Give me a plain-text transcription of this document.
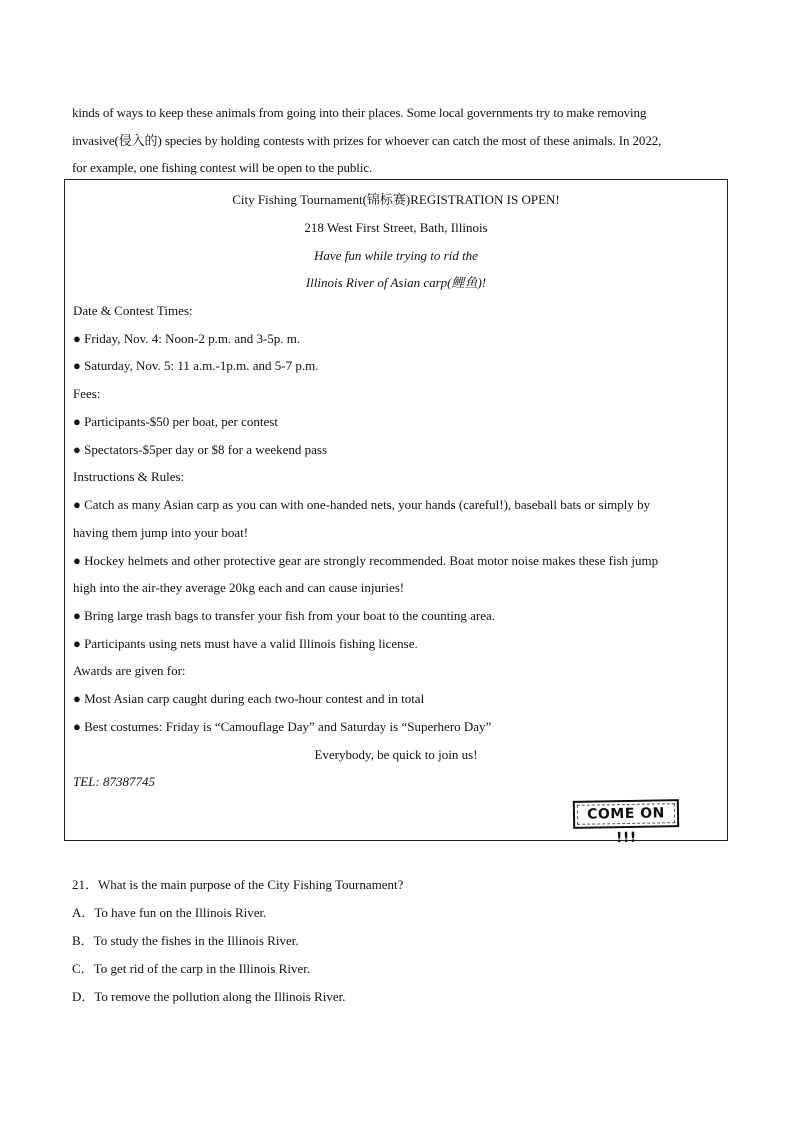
kinds of ways to keep these animals from going into their places. Some local governments try to make removing

invasive(侵入的) species by holding contests with prizes for whoever can catch the most of these animals. In 2022,

for example, one fishing contest will be open to the public.

City Fishing Tournament(锦标赛)REGISTRATION IS OPEN!
218 West First Street, Bath, Illinois
Have fun while trying to rid the
Illinois River of Asian carp(鲤鱼)!
Date & Contest Times:
● Friday, Nov. 4: Noon-2 p.m. and 3-5p. m.
● Saturday, Nov. 5: 11 a.m.-1p.m. and 5-7 p.m.
Fees:
● Participants-$50 per boat, per contest
● Spectators-$5per day or $8 for a weekend pass
Instructions & Rules:
● Catch as many Asian carp as you can with one-handed nets, your hands (careful!), baseball bats or simply by
having them jump into your boat!
● Hockey helmets and other protective gear are strongly recommended. Boat motor noise makes these fish jump
high into the air-they average 20kg each and can cause injuries!
● Bring large trash bags to transfer your fish from your boat to the counting area.
● Participants using nets must have a valid Illinois fishing license.
Awards are given for:
● Most Asian carp caught during each two-hour contest and in total
● Best costumes: Friday is “Camouflage Day” and Saturday is “Superhero Day”
Everybody, be quick to join us!
TEL: 87387745
COME ON !!!
21．What is the main purpose of the City Fishing Tournament?
A．To have fun on the Illinois River.
B．To study the fishes in the Illinois River.
C．To get rid of the carp in the Illinois River.
D．To remove the pollution along the Illinois River.
